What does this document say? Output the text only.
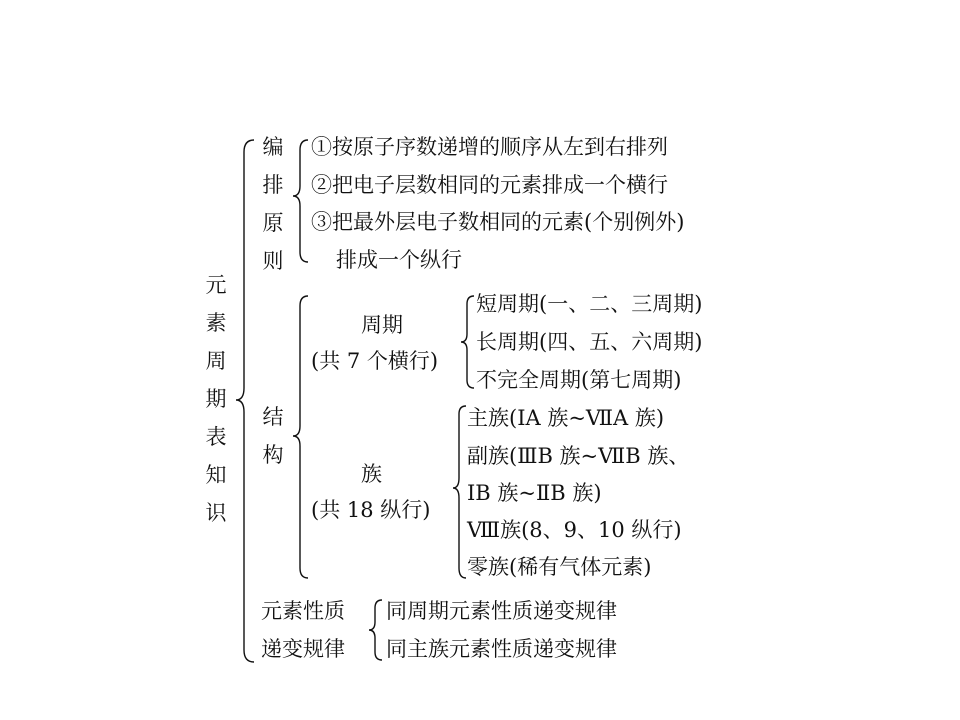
元
素
周
期
表
知
识
编
排
原
则
①按原子序数递增的顺序从左到右排列
②把电子层数相同的元素排成一个横行
③把最外层电子数相同的元素(个别例外)
排成一个纵行
结
构
周期
(共 7 个横行)
短周期(一、二、三周期)
长周期(四、五、六周期)
不完全周期(第七周期)
族
(共 18 纵行)
主族(ⅠA 族~ⅦA 族)
副族(ⅢB 族~ⅦB 族、
ⅠB 族~ⅡB 族)
Ⅷ族(8、9、10 纵行)
零族(稀有气体元素)
元素性质
递变规律
同周期元素性质递变规律
同主族元素性质递变规律
